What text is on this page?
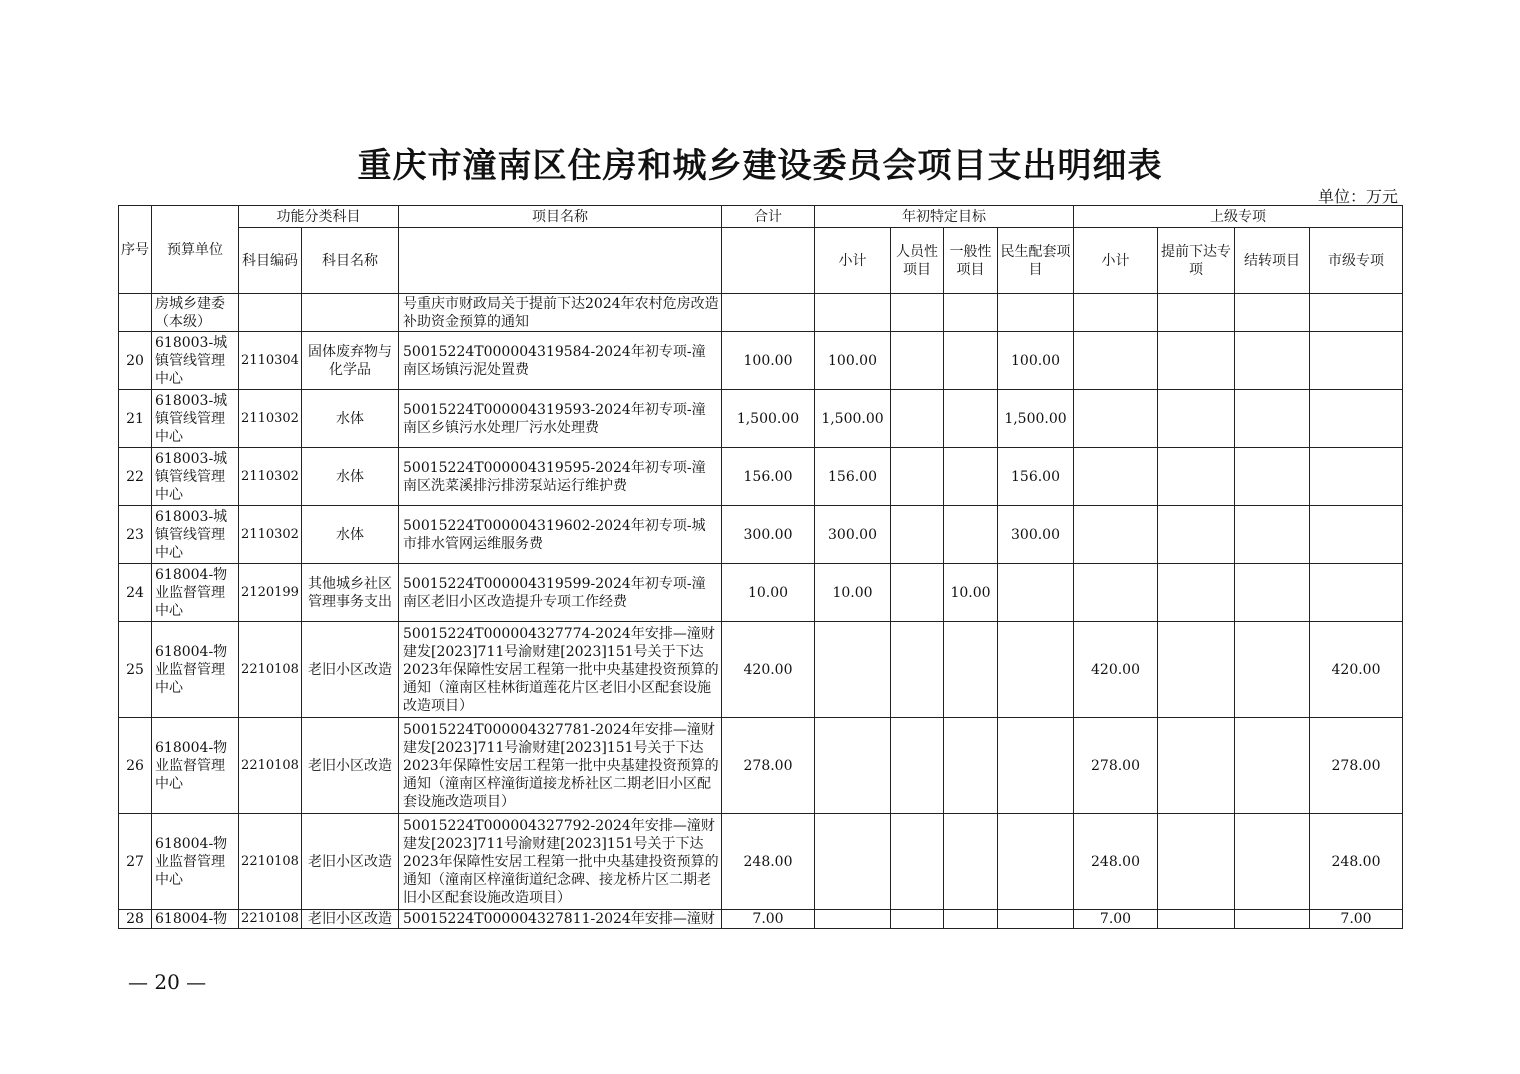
重庆市潼南区住房和城乡建设委员会项目支出明细表
单位：万元
序号	预算单位	功能分类科目		项目名称	合计	年初特定目标				上级专项			
		科目编码	科目名称			小计	人员性项目	一般性项目	民生配套项目	小计	提前下达专项	结转项目	市级专项
	房城乡建委（本级）			号重庆市财政局关于提前下达2024年农村危房改造补助资金预算的通知									
20	618003-城镇管线管理中心	2110304	固体废弃物与化学品	50015224T000004319584-2024年初专项-潼南区场镇污泥处置费	100.00	100.00			100.00				
21	618003-城镇管线管理中心	2110302	水体	50015224T000004319593-2024年初专项-潼南区乡镇污水处理厂污水处理费	1,500.00	1,500.00			1,500.00				
22	618003-城镇管线管理中心	2110302	水体	50015224T000004319595-2024年初专项-潼南区洗菜溪排污排涝泵站运行维护费	156.00	156.00			156.00				
23	618003-城镇管线管理中心	2110302	水体	50015224T000004319602-2024年初专项-城市排水管网运维服务费	300.00	300.00			300.00				
24	618004-物业监督管理中心	2120199	其他城乡社区管理事务支出	50015224T000004319599-2024年初专项-潼南区老旧小区改造提升专项工作经费	10.00	10.00		10.00					
25	618004-物业监督管理中心	2210108	老旧小区改造	50015224T000004327774-2024年安排—潼财建发[2023]711号渝财建[2023]151号关于下达2023年保障性安居工程第一批中央基建投资预算的通知（潼南区桂林街道莲花片区老旧小区配套设施改造项目）	420.00					420.00			420.00
26	618004-物业监督管理中心	2210108	老旧小区改造	50015224T000004327781-2024年安排—潼财建发[2023]711号渝财建[2023]151号关于下达2023年保障性安居工程第一批中央基建投资预算的通知（潼南区梓潼街道接龙桥社区二期老旧小区配套设施改造项目）	278.00					278.00			278.00
27	618004-物业监督管理中心	2210108	老旧小区改造	50015224T000004327792-2024年安排—潼财建发[2023]711号渝财建[2023]151号关于下达2023年保障性安居工程第一批中央基建投资预算的通知（潼南区梓潼街道纪念碑、接龙桥片区二期老旧小区配套设施改造项目）	248.00					248.00			248.00
28	618004-物	2210108	老旧小区改造	50015224T000004327811-2024年安排—潼财	7.00					7.00			7.00
— 20 —
